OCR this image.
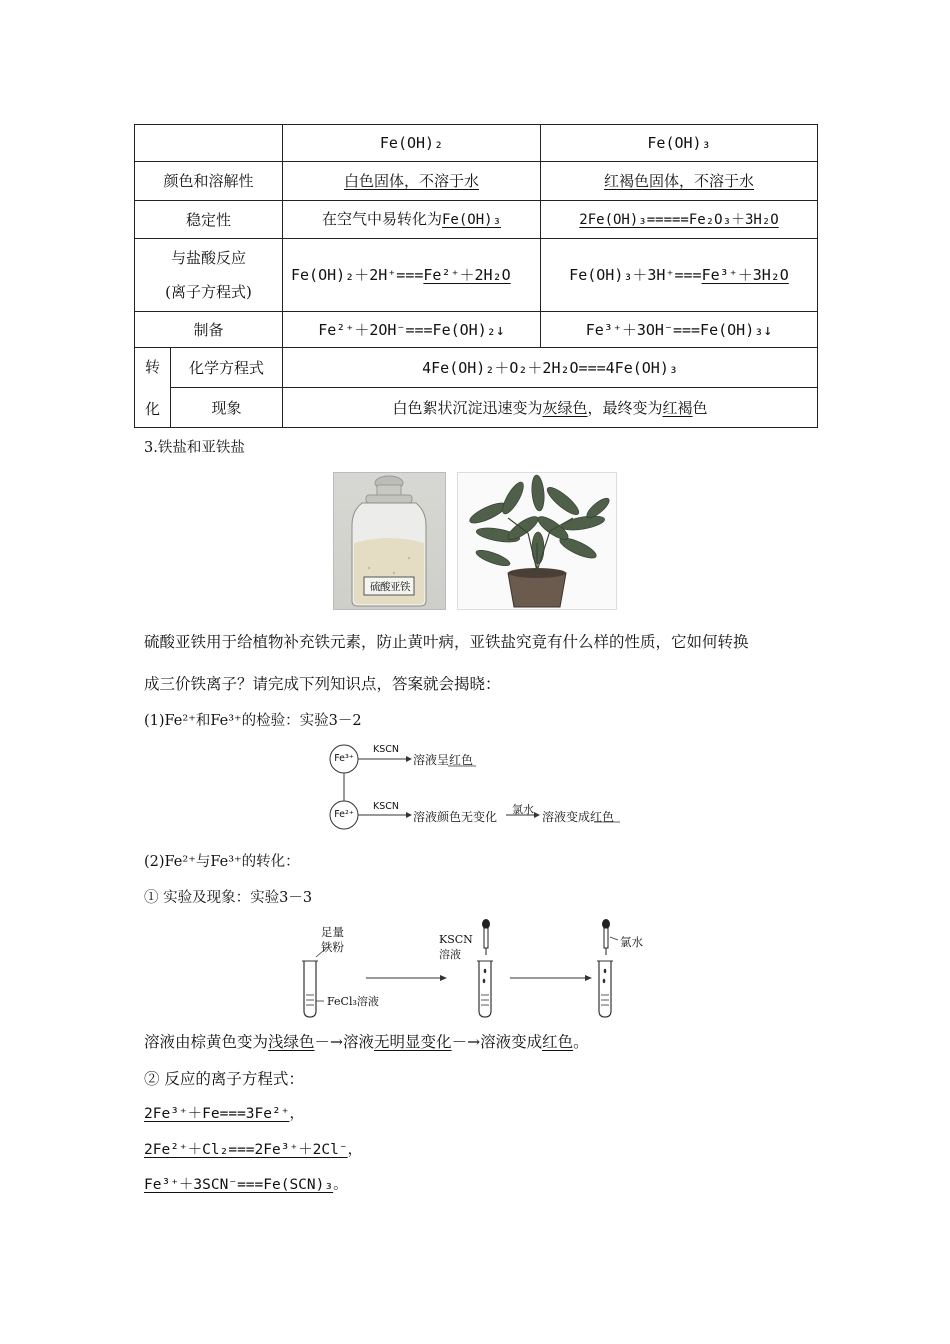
		Fe(OH)₂	Fe(OH)₃
颜色和溶解性		白色固体，不溶于水	红褐色固体，不溶于水
稳定性		在空气中易转化为Fe(OH)₃	2Fe(OH)₃=====Fe₂O₃＋3H₂O

与盐酸反应
(离子方程式)		Fe(OH)₂＋2H⁺===Fe²⁺＋2H₂O	Fe(OH)₃＋3H⁺===Fe³⁺＋3H₂O
制备		Fe²⁺＋2OH⁻===Fe(OH)₂↓	Fe³⁺＋3OH⁻===Fe(OH)₃↓

转
化	化学方程式	4Fe(OH)₂＋O₂＋2H₂O===4Fe(OH)₃	
	现象	白色絮状沉淀迅速变为灰绿色，最终变为红褐色	
3.铁盐和亚铁盐
硫酸亚铁
硫酸亚铁用于给植物补充铁元素，防止黄叶病，亚铁盐究竟有什么样的性质，它如何转换
成三价铁离子？请完成下列知识点，答案就会揭晓：
(1)Fe²⁺和Fe³⁺的检验：实验3－2
Fe³⁺
Fe²⁺
KSCN
KSCN
溶液呈红色
溶液颜色无变化
氯水
溶液变成红色
(2)Fe²⁺与Fe³⁺的转化：
① 实验及现象：实验3－3
足量
铁粉
FeCl₃溶液
KSCN
溶液
氯水
溶液由棕黄色变为浅绿色－→溶液无明显变化－→溶液变成红色。
② 反应的离子方程式：
2Fe³⁺＋Fe===3Fe²⁺，
2Fe²⁺＋Cl₂===2Fe³⁺＋2Cl⁻，
Fe³⁺＋3SCN⁻===Fe(SCN)₃。
